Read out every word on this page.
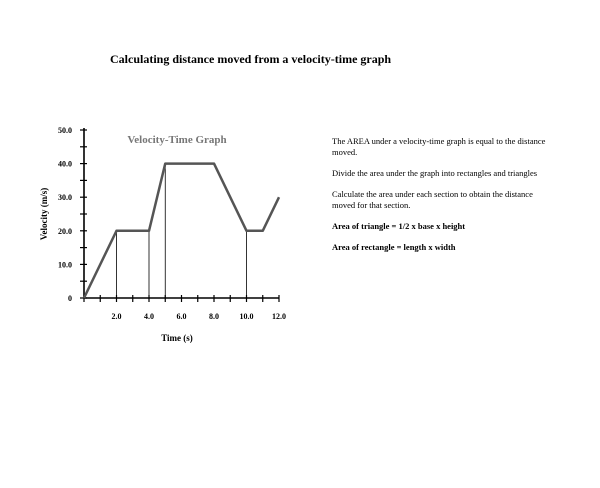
Calculating distance moved from a velocity-time graph
0
10.0
20.0
30.0
40.0
50.0
2.0	4.0	6.0	8.0	10.0 12.0
Velocity-Time Graph
Time (s)
Velocity (m/s)

The AREA under a velocity-time graph is equal to the distance moved.

Divide the area under the graph into rectangles and triangles

Calculate the area under each section to obtain the distance moved for that section.

Area of triangle = 1/2 x base x height

Area of rectangle = length x width
